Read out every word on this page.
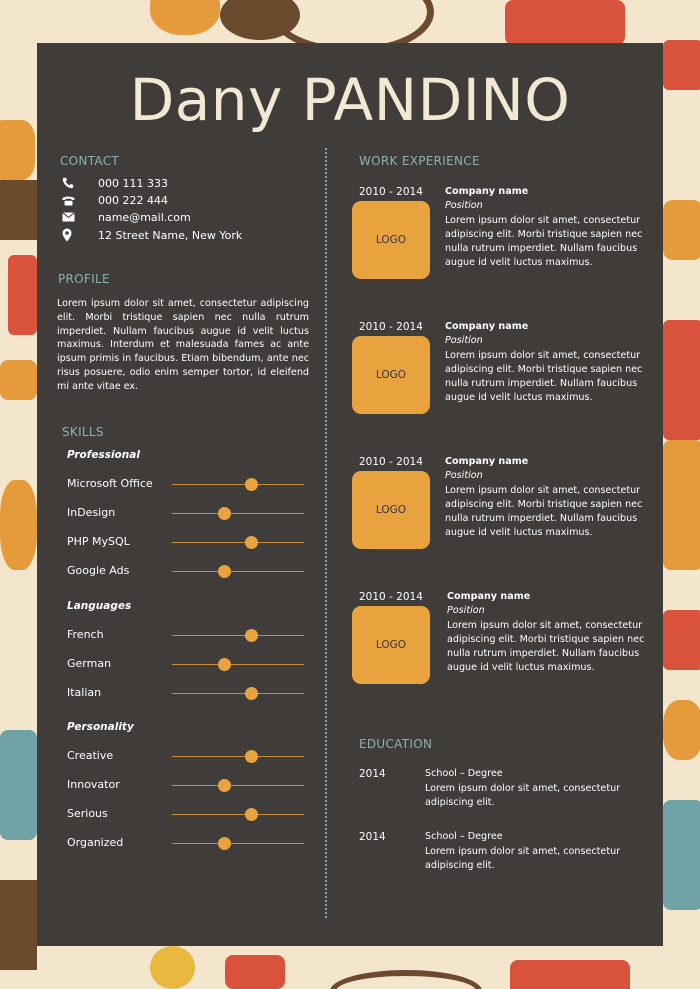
Dany PANDINO
CONTACT
000 111 333
000 222 444
name@mail.com
12 Street Name, New York
PROFILE
Lorem ipsum dolor sit amet, consectetur adipiscing elit. Morbi tristique sapien nec nulla rutrum imperdiet. Nullam faucibus augue id velit luctus maximus. Interdum et malesuada fames ac ante ipsum primis in faucibus. Etiam bibendum, ante nec risus posuere, odio enim semper tortor, id eleifend mi ante vitae ex.
SKILLS
Professional
Microsoft Office
InDesign
PHP MySQL
Google Ads
Languages
French
German
Italian
Personality
Creative
Innovator
Serious
Organized
WORK EXPERIENCE
2010 - 2014
LOGO
Company name
Position
Lorem ipsum dolor sit amet, consectetur adipiscing elit. Morbi tristique sapien nec nulla rutrum imperdiet. Nullam faucibus augue id velit luctus maximus.
2010 - 2014
LOGO
Company name
Position
Lorem ipsum dolor sit amet, consectetur adipiscing elit. Morbi tristique sapien nec nulla rutrum imperdiet. Nullam faucibus augue id velit luctus maximus.
2010 - 2014
LOGO
Company name
Position
Lorem ipsum dolor sit amet, consectetur adipiscing elit. Morbi tristique sapien nec nulla rutrum imperdiet. Nullam faucibus augue id velit luctus maximus.
2010 - 2014
LOGO
Company name
Position
Lorem ipsum dolor sit amet, consectetur adipiscing elit. Morbi tristique sapien nec nulla rutrum imperdiet. Nullam faucibus augue id velit luctus maximus.
EDUCATION
2014	School – Degree
Lorem ipsum dolor sit amet, consectetur adipiscing elit.
2014	School – Degree
Lorem ipsum dolor sit amet, consectetur adipiscing elit.
